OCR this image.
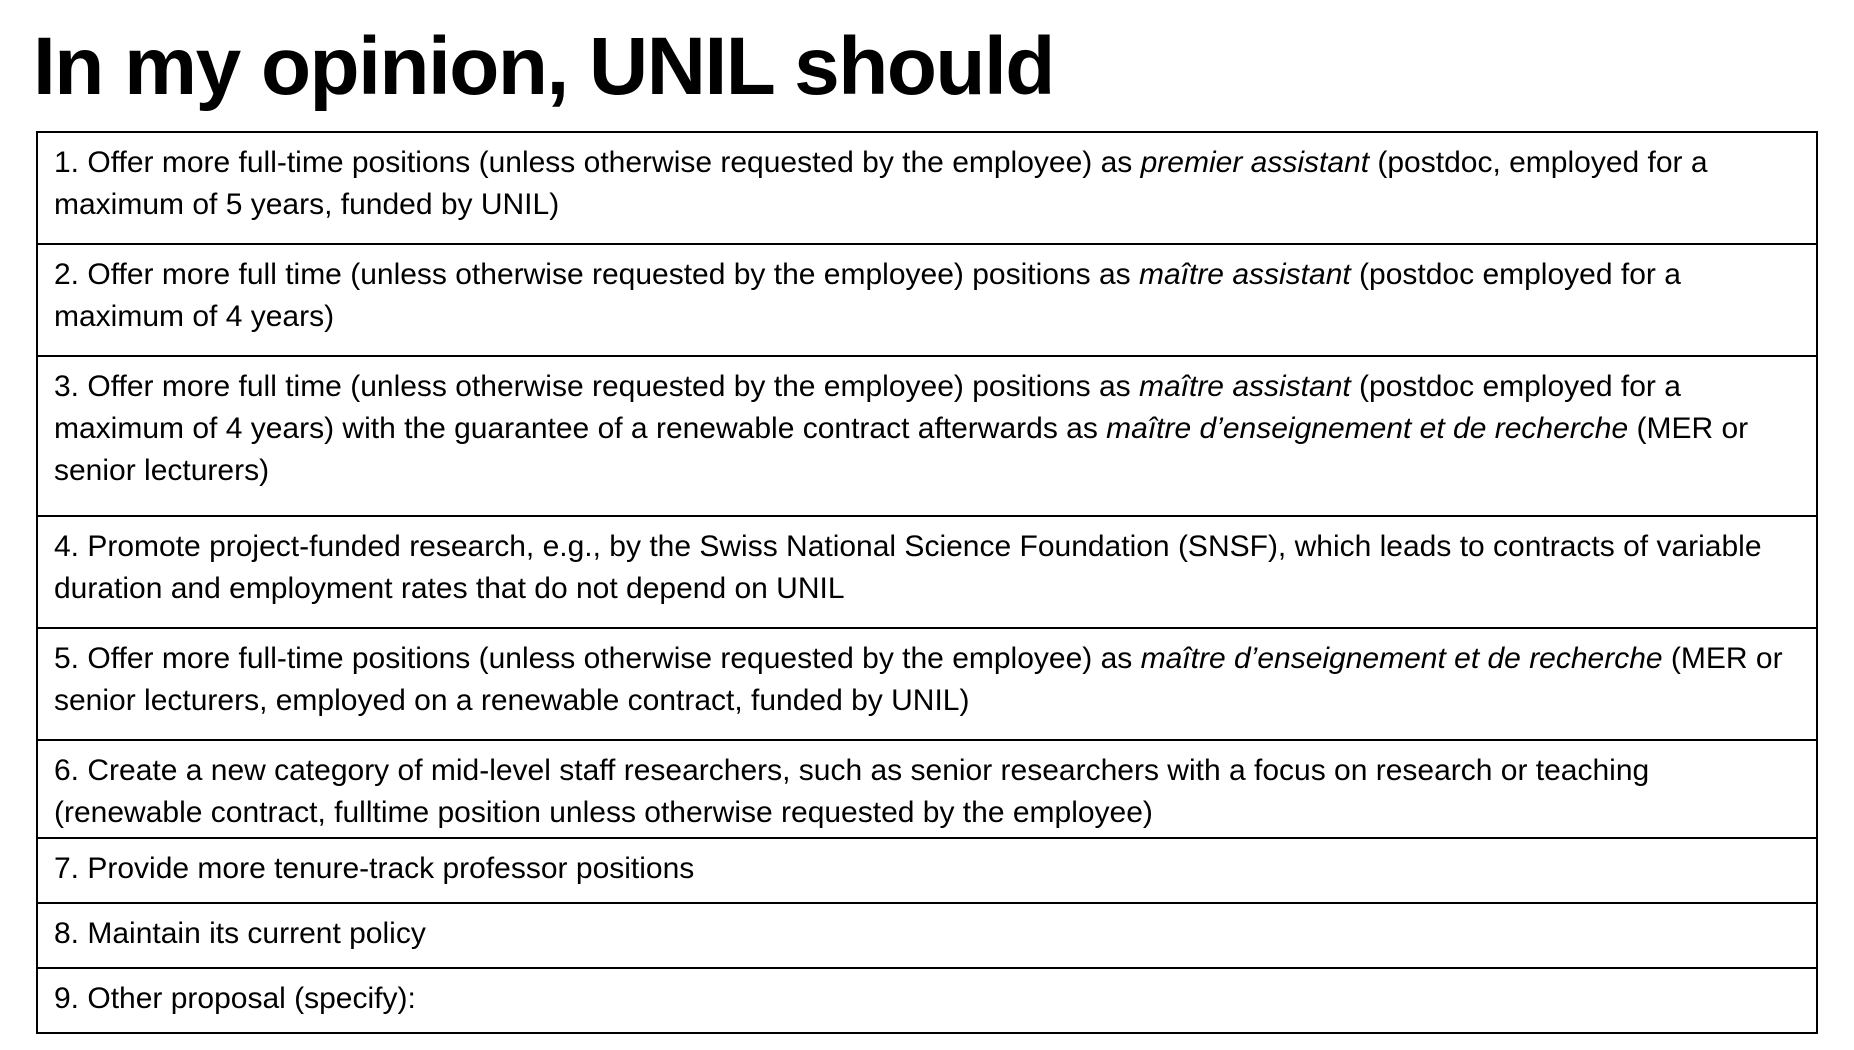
In my opinion, UNIL should
1. Offer more full-time positions (unless otherwise requested by the employee) as premier assistant (postdoc, employed for a maximum of 5 years, funded by UNIL)
2. Offer more full time (unless otherwise requested by the employee) positions as maître assistant (postdoc employed for a maximum of 4 years)
3. Offer more full time (unless otherwise requested by the employee) positions as maître assistant (postdoc employed for a maximum of 4 years) with the guarantee of a renewable contract afterwards as maître d’enseignement et de recherche (MER or senior lecturers)
4. Promote project-funded research, e.g., by the Swiss National Science Foundation (SNSF), which leads to contracts of variable duration and employment rates that do not depend on UNIL
5. Offer more full-time positions (unless otherwise requested by the employee) as maître d’enseignement et de recherche (MER or senior lecturers, employed on a renewable contract, funded by UNIL)
6. Create a new category of mid-level staff researchers, such as senior researchers with a focus on research or teaching (renewable contract, fulltime position unless otherwise requested by the employee)
7. Provide more tenure-track professor positions
8. Maintain its current policy
9. Other proposal (specify):
